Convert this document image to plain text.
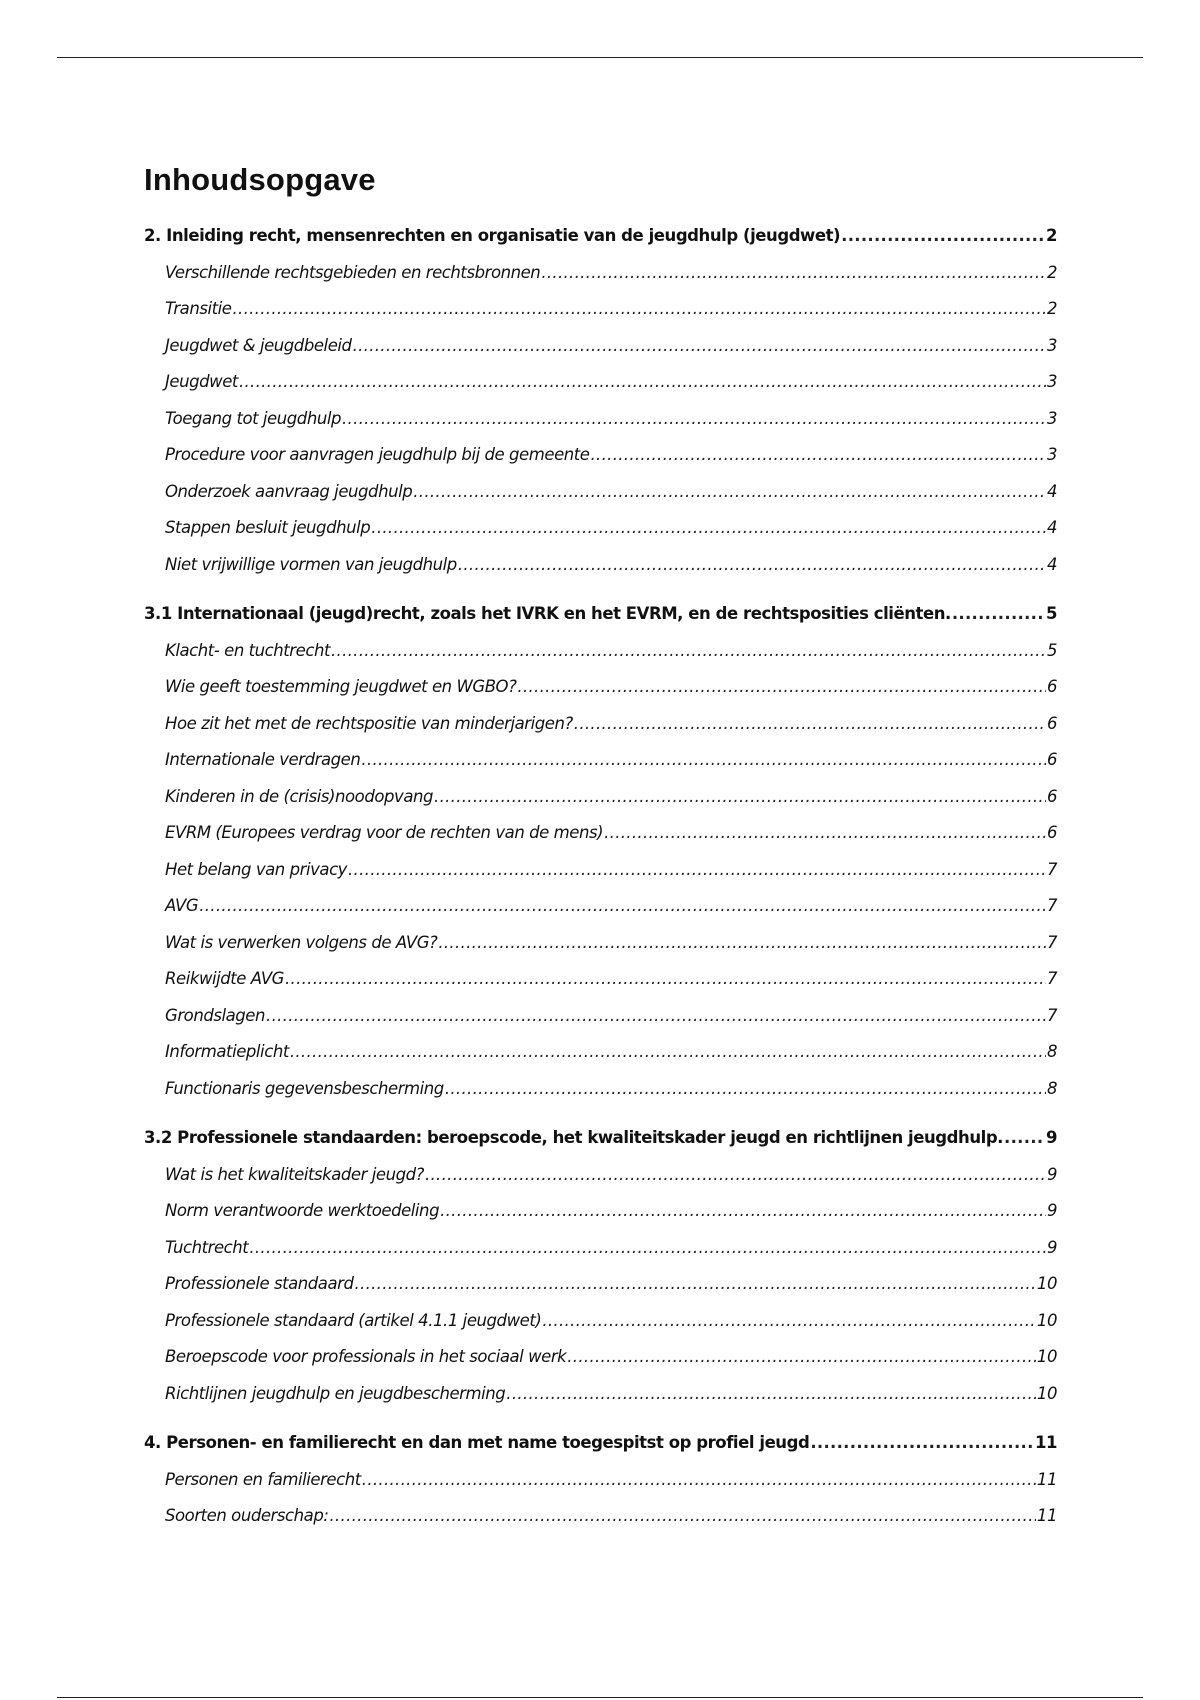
Inhoudsopgave
2. Inleiding recht, mensenrechten en organisatie van de jeugdhulp (jeugdwet) .....	2
Verschillende rechtsgebieden en rechtsbronnen .....	2
Transitie .....	2
Jeugdwet & jeugdbeleid .....	3
Jeugdwet .....	3
Toegang tot jeugdhulp .....	3
Procedure voor aanvragen jeugdhulp bij de gemeente .....	3
Onderzoek aanvraag jeugdhulp .....	4
Stappen besluit jeugdhulp .....	4
Niet vrijwillige vormen van jeugdhulp .....	4
3.1 Internationaal (jeugd)recht, zoals het IVRK en het EVRM, en de rechtsposities cliënten. .....	5
Klacht- en tuchtrecht .....	5
Wie geeft toestemming jeugdwet en WGBO? .....	6
Hoe zit het met de rechtspositie van minderjarigen? .....	6
Internationale verdragen .....	6
Kinderen in de (crisis)noodopvang .....	6
EVRM (Europees verdrag voor de rechten van de mens) .....	6
Het belang van privacy .....	7
AVG .....	7
Wat is verwerken volgens de AVG? .....	7
Reikwijdte AVG .....	7
Grondslagen .....	7
Informatieplicht .....	8
Functionaris gegevensbescherming .....	8
3.2 Professionele standaarden: beroepscode, het kwaliteitskader jeugd en richtlijnen jeugdhulp. .....	9
Wat is het kwaliteitskader jeugd? .....	9
Norm verantwoorde werktoedeling .....	9
Tuchtrecht .....	9
Professionele standaard .....	10
Professionele standaard (artikel 4.1.1 jeugdwet) .....	10
Beroepscode voor professionals in het sociaal werk .....	10
Richtlijnen jeugdhulp en jeugdbescherming .....	10
4. Personen- en familierecht en dan met name toegespitst op profiel jeugd .....	11
Personen en familierecht .....	11
Soorten ouderschap: .....	11
